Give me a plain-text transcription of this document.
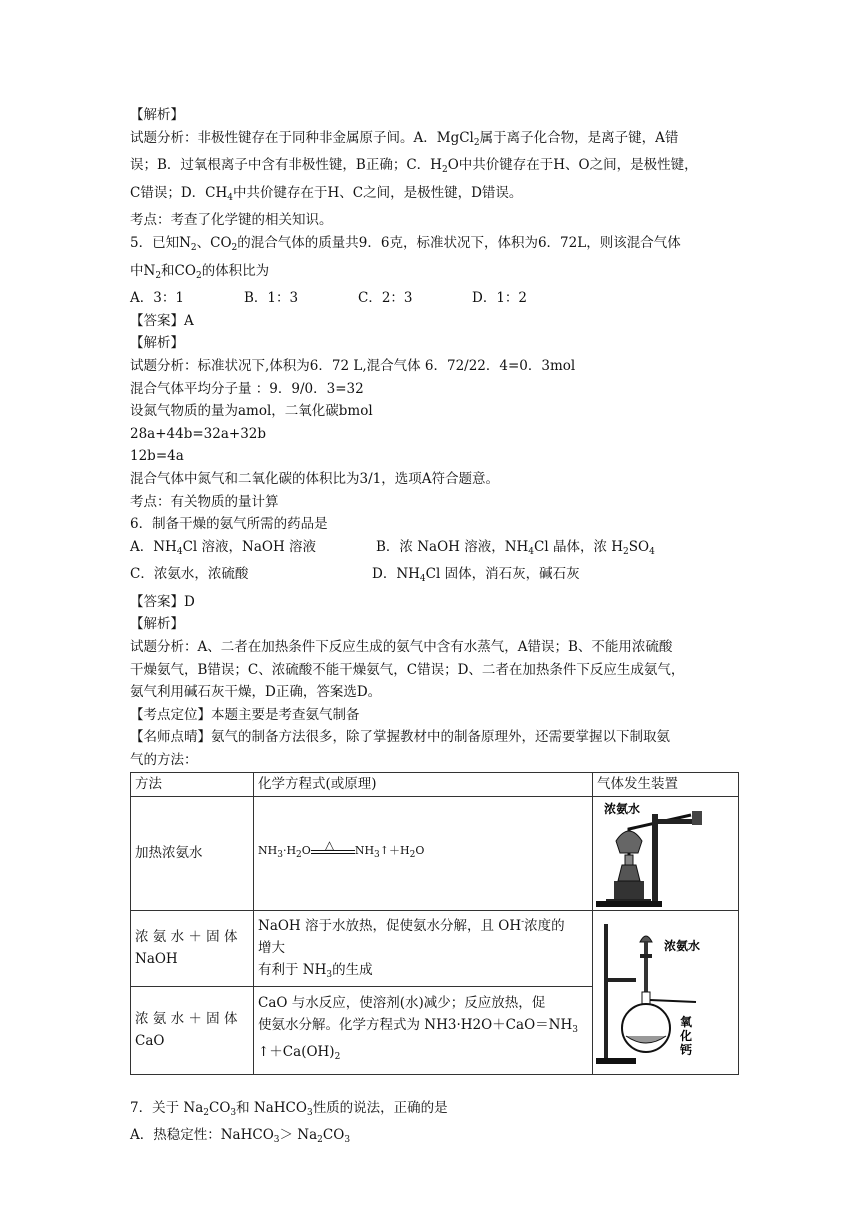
【解析】
试题分析：非极性键存在于同种非金属原子间。A．MgCl$_2$属于离子化合物，是离子键，A错
误；B．过氧根离子中含有非极性键，B正确；C．$H_2O$中共价键存在于H、O之间，是极性键，
C错误；D．$CH_4$中共价键存在于H、C之间，是极性键，D错误。
考点：考查了化学键的相关知识。
5．已知$N_2$、$CO_2$的混合气体的质量共9．6克，标准状况下，体积为6．72L，则该混合气体
中$N_2$和$CO_2$的体积比为
A．3：1	B．1：3	C．2：3	D．1：2
【答案】A
【解析】
试题分析：标准状况下,体积为6．72 L,混合气体 6．72/22．4=0．3mol
混合气体平均分子量 ：9．9/0．3=32
设氮气物质的量为amol，二氧化碳bmol
28a+44b=32a+32b
12b=4a
混合气体中氮气和二氧化碳的体积比为3/1，选项A符合题意。
考点：有关物质的量计算
6．制备干燥的氨气所需的药品是
A．NH4Cl 溶液，NaOH 溶液	B．浓 NaOH 溶液，NH4Cl 晶体，浓 H2SO4
C．浓氨水，浓硫酸	D．NH4Cl 固体，消石灰，碱石灰
【答案】D
【解析】
试题分析：A、二者在加热条件下反应生成的氨气中含有水蒸气，A错误；B、不能用浓硫酸
干燥氨气，B错误；C、浓硫酸不能干燥氨气，C错误；D、二者在加热条件下反应生成氨气，
氨气利用碱石灰干燥，D正确，答案选D。
【考点定位】本题主要是考查氨气制备
【名师点晴】氨气的制备方法很多，除了掌握教材中的制备原理外，还需要掌握以下制取氨
气的方法：
方法	化学方程式(或原理)	气体发生装置
加热浓氨水	$NH_3\cdot H_2O$ △ $NH_3↑+H_2O$	浓氨水

浓 氨 水 ＋ 固 体
NaOH	NaOH 溶于水放热，促使氨水分解，且 OH-浓度的
增大
有利于 $NH_3$的生成	浓氨水
氧
化
钙

浓 氨 水 ＋ 固 体
CaO	CaO 与水反应，使溶剂(水)减少；反应放热，促
使氨水分解。化学方程式为 $NH3\cdot H2O+CaO=NH_3$
$↑+Ca(OH)_2$
7．关于 $Na_2CO_3$和 NaHCO$_3$性质的说法，正确的是
A．热稳定性：NaHCO$_3$＞ $Na_2CO_3$
